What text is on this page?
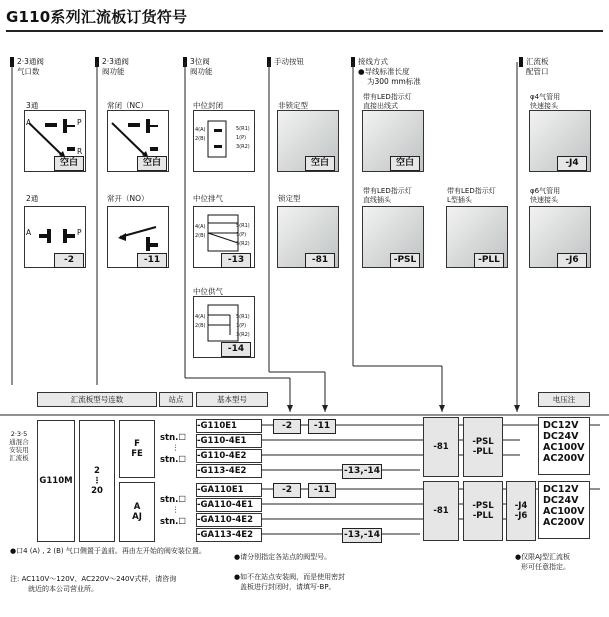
G110系列汇流板订货符号
2·3通阀
气口数
2·3通阀
阀功能
3位阀
阀功能
手动按钮	接线方式
●导线标准长度
为300 mm标准
汇流板
配管口
3通
A	P
R
空白
2通
A	P
-2
常闭（NC）
空白
常开（NO）
-11
中位封闭
4(A)
2(B)
5(R1)
1(P)
3(R2)
中位排气
4(A)
2(B)
5(R1)
1(P)
3(R2)
-13
中位供气
4(A)
2(B)
5(R1)
1(P)
3(R2)
-14
非锁定型
空白
锁定型
-81
带有LED指示灯
直接出线式
空白
带有LED指示灯
直线插头
-PSL
带有LED指示灯
L型插头
-PLL
φ4气管用
快速接头
-J4
φ6气管用
快速接头
-J6
汇流板型号连数	站点	基本型号	电压注
2·3·5通混合安装用汇流板
G110M
2
⋮
20
F
FE
A
AJ
stn.☐
⋮
stn.☐
stn.☐
⋮
stn.☐
-G110E1
-G110-4E1
-G110-4E2
-G113-4E2
-GA110E1
-GA110-4E1
-GA110-4E2
-GA113-4E2
-2	-11
-13,-14
-2	-11
-13,-14
-81
-81
-PSL
-PLL
-PSL
-PLL
-J4
-J6
DC12V
DC24V
AC100V
AC200V
DC12V
DC24V
AC100V
AC200V
●口4 (A) , 2 (B) 气口侧置于盖前。再由左开始的阀安装位置。
●请分别指定各站点的阀型号。
●如不在站点安装阀，而是使用密封
盖板进行封闭时，请填写-BP。
●仅限AJ型汇流板
形可任意指定。
注: AC110V～120V、AC220V～240V式样，请咨询
就近的本公司营业所。
